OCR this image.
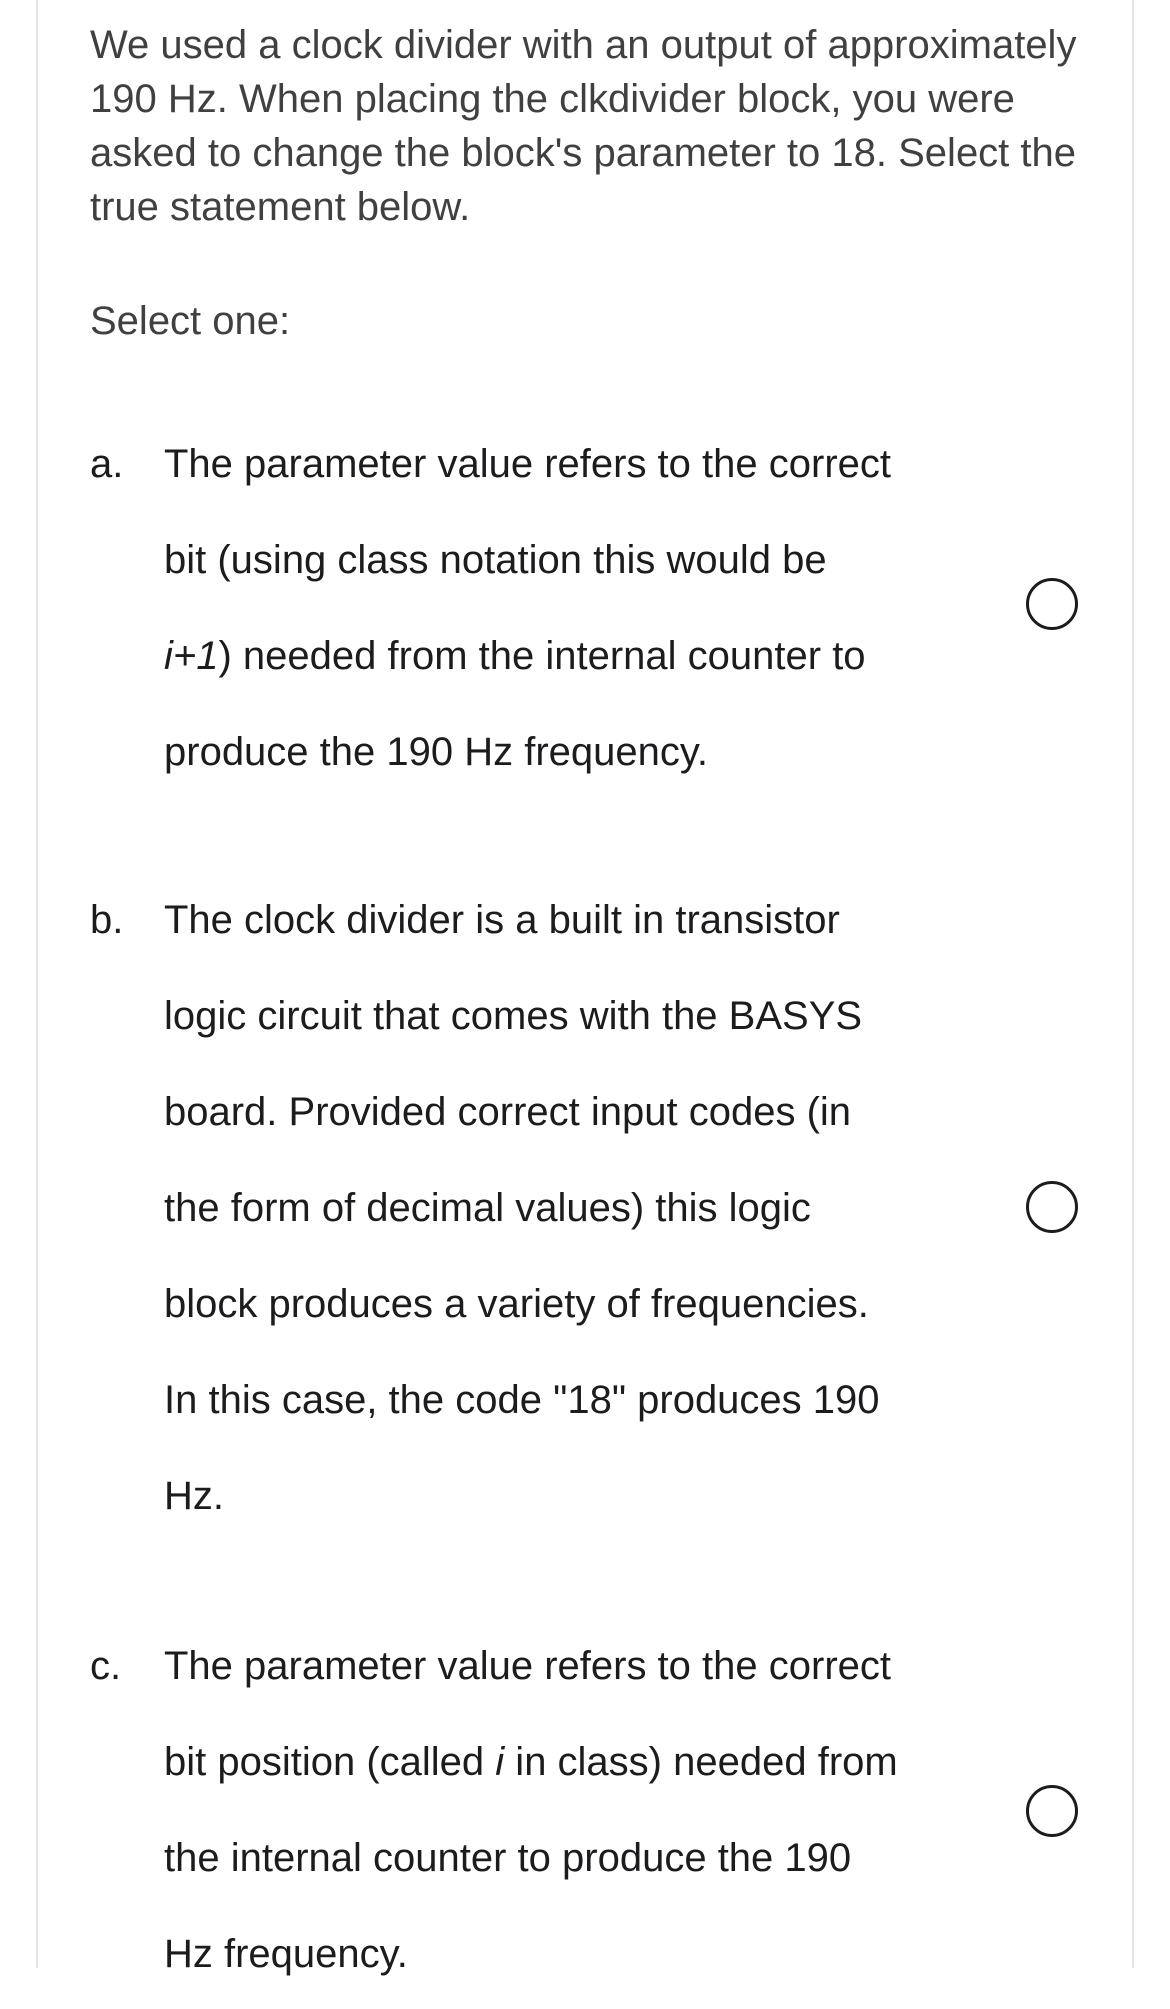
We used a clock divider with an output of approximately 190 Hz. When placing the clkdivider block, you were asked to change the block's parameter to 18. Select the true statement below.

Select one:

a. The parameter value refers to the correct
bit (using class notation this would be
i+1) needed from the internal counter to
produce the 190 Hz frequency.
b. The clock divider is a built in transistor
logic circuit that comes with the BASYS
board. Provided correct input codes (in
the form of decimal values) this logic
block produces a variety of frequencies.
In this case, the code "18" produces 190
Hz.
c. The parameter value refers to the correct
bit position (called i in class) needed from
the internal counter to produce the 190
Hz frequency.
